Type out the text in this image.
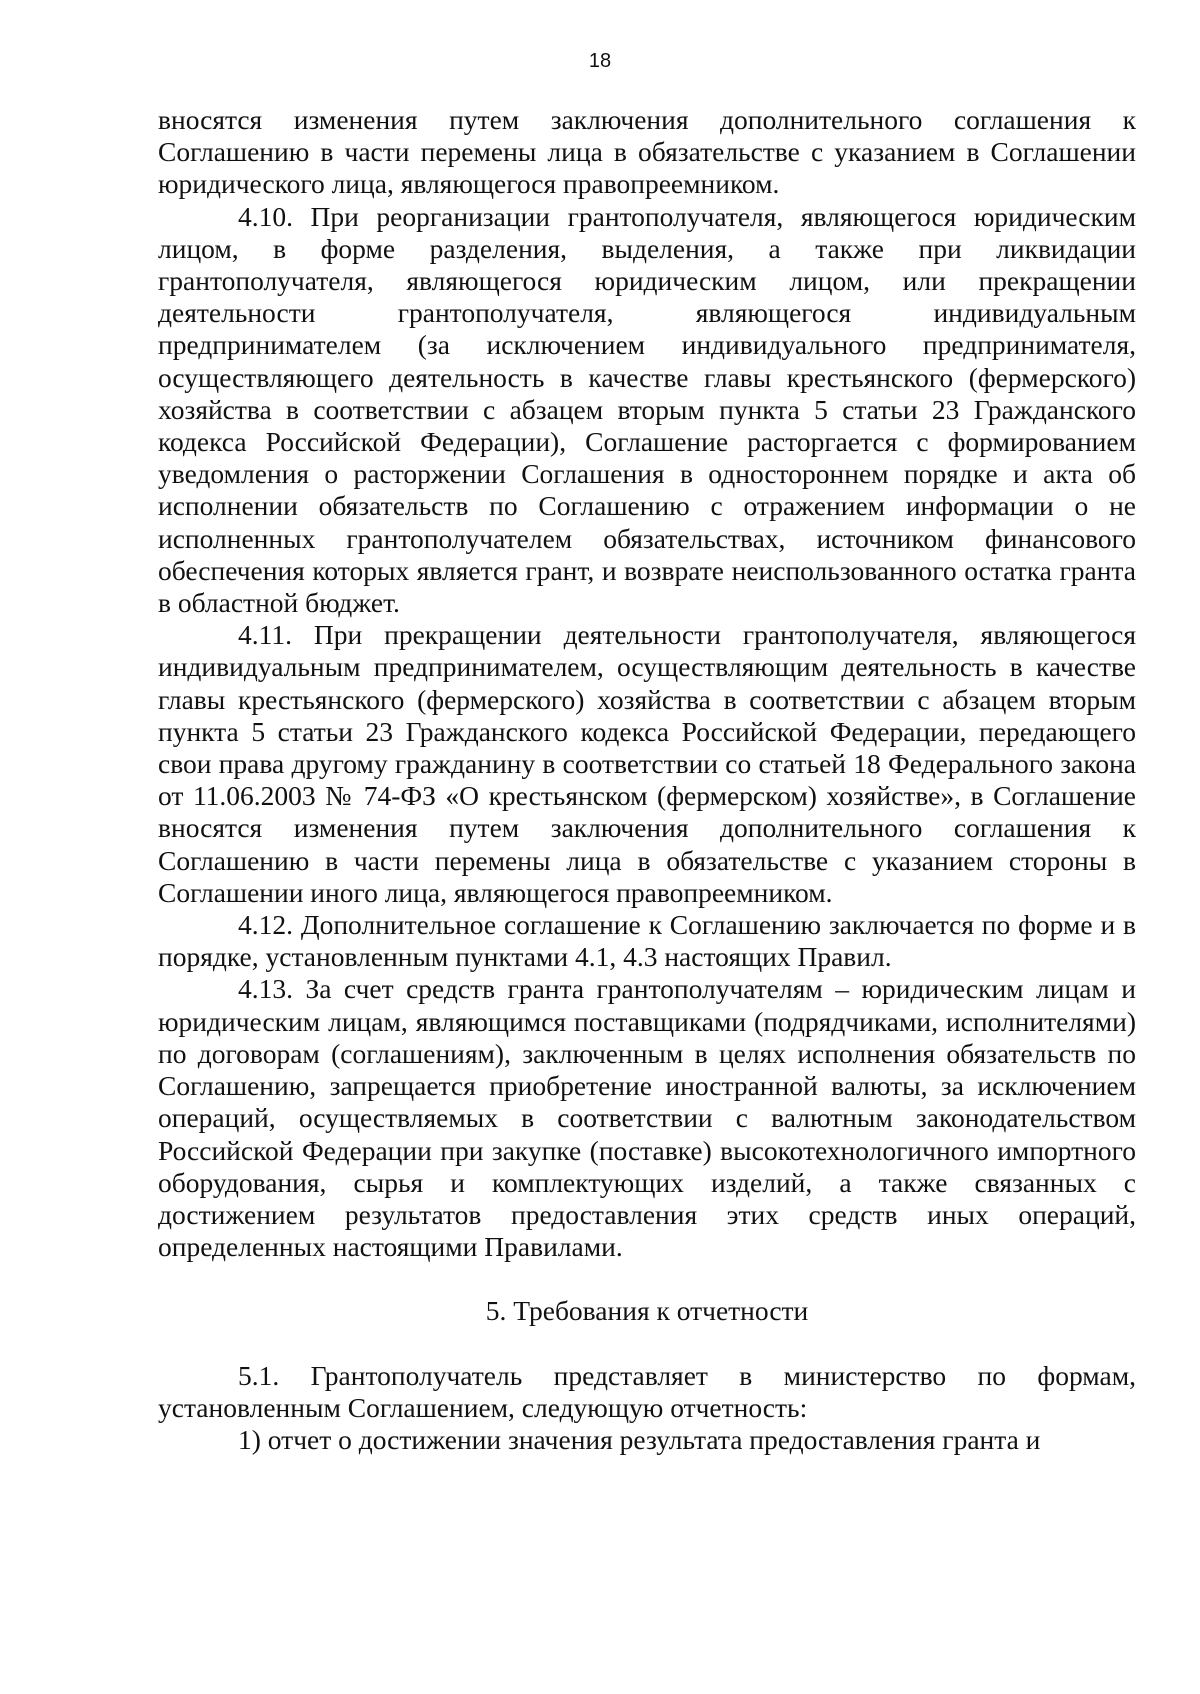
18

вносятся изменения путем заключения дополнительного соглашения к Соглашению в части перемены лица в обязательстве с указанием в Соглашении юридического лица, являющегося правопреемником.

4.10. При реорганизации грантополучателя, являющегося юридическим лицом, в форме разделения, выделения, а также при ликвидации грантополучателя, являющегося юридическим лицом, или прекращении деятельности грантополучателя, являющегося индивидуальным предпринимателем (за исключением индивидуального предпринимателя, осуществляющего деятельность в качестве главы крестьянского (фермерского) хозяйства в соответствии с абзацем вторым пункта 5 статьи 23 Гражданского кодекса Российской Федерации), Соглашение расторгается с формированием уведомления о расторжении Соглашения в одностороннем порядке и акта об исполнении обязательств по Соглашению с отражением информации о не исполненных грантополучателем обязательствах, источником финансового обеспечения которых является грант, и возврате неиспользованного остатка гранта в областной бюджет.

4.11. При прекращении деятельности грантополучателя, являющегося индивидуальным предпринимателем, осуществляющим деятельность в качестве главы крестьянского (фермерского) хозяйства в соответствии с абзацем вторым пункта 5 статьи 23 Гражданского кодекса Российской Федерации, передающего свои права другому гражданину в соответствии со статьей 18 Федерального закона от 11.06.2003 № 74-ФЗ «О крестьянском (фермерском) хозяйстве», в Соглашение вносятся изменения путем заключения дополнительного соглашения к Соглашению в части перемены лица в обязательстве с указанием стороны в Соглашении иного лица, являющегося правопреемником.

4.12. Дополнительное соглашение к Соглашению заключается по форме и в порядке, установленным пунктами 4.1, 4.3 настоящих Правил.

4.13. За счет средств гранта грантополучателям – юридическим лицам и юридическим лицам, являющимся поставщиками (подрядчиками, исполнителями) по договорам (соглашениям), заключенным в целях исполнения обязательств по Соглашению, запрещается приобретение иностранной валюты, за исключением операций, осуществляемых в соответствии с валютным законодательством Российской Федерации при закупке (поставке) высокотехнологичного импортного оборудования, сырья и комплектующих изделий, а также связанных с достижением результатов предоставления этих средств иных операций, определенных настоящими Правилами.

5. Требования к отчетности

5.1. Грантополучатель представляет в министерство по формам, установленным Соглашением, следующую отчетность:

1) отчет о достижении значения результата предоставления гранта и
